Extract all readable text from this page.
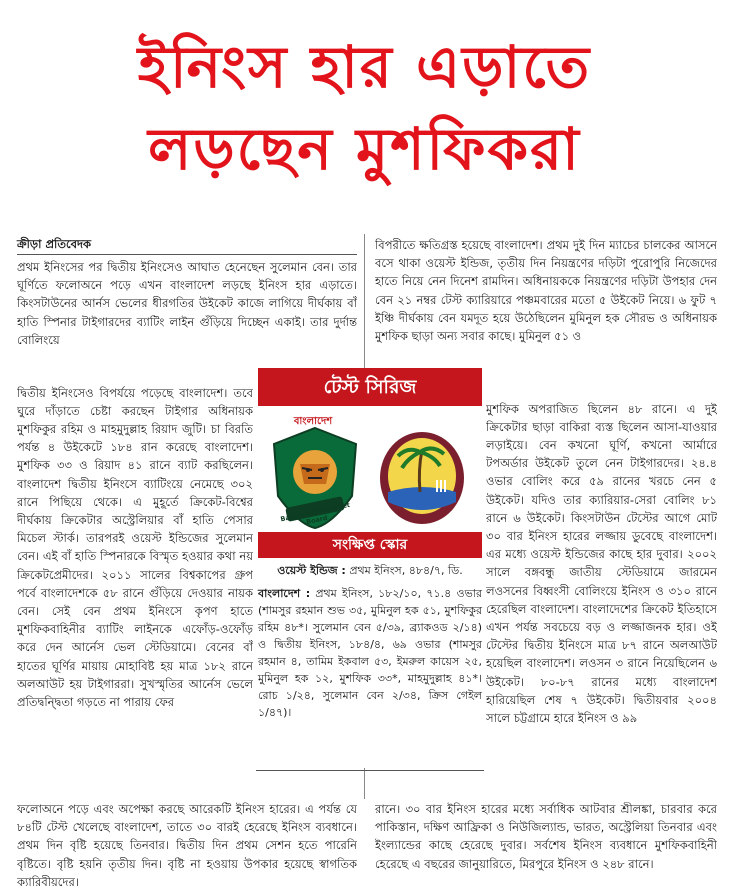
ইনিংস হার এড়াতে
লড়ছেন মুশফিকরা
ক্রীড়া প্রতিবেদক

প্রথম ইনিংসের পর দ্বিতীয় ইনিংসেও আঘাত হেনেছেন সুলেমান বেন। তার ঘূর্ণিতে ফলোঅনে পড়ে এখন বাংলাদেশ লড়ছে ইনিংস হার এড়াতে। কিংসটাউনের আর্নস ভেলের ধীরগতির উইকেট কাজে লাগিয়ে দীর্ঘকায় বাঁ হাতি স্পিনার টাইগারদের ব্যাটিং লাইন গুঁড়িয়ে দিচ্ছেন একাই। তার দুর্দান্ত বোলিংয়ে

দ্বিতীয় ইনিংসেও বিপর্যয়ে পড়েছে বাংলাদেশ। তবে ঘুরে দাঁড়াতে চেষ্টা করছেন টাইগার অধিনায়ক মুশফিকুর রহিম ও মাহমুদুল্লাহ রিয়াদ জুটি। চা বিরতি পর্যন্ত ৪ উইকেটে ১৮৪ রান করেছে বাংলাদেশ। মুশফিক ৩৩ ও রিয়াদ ৪১ রানে ব্যাট করছিলেন। বাংলাদেশ দ্বিতীয় ইনিংসে ব্যাটিংয়ে নেমেছে ৩০২ রানে পিছিয়ে থেকে। এ মুহূর্তে ক্রিকেট-বিশ্বের দীর্ঘকায় ক্রিকেটার অস্ট্রেলিয়ার বাঁ হাতি পেসার মিচেল স্টার্ক। তারপরই ওয়েস্ট ইন্ডিজের সুলেমান বেন। এই বাঁ হাতি স্পিনারকে বিস্মৃত হওয়ার কথা নয় ক্রিকেটপ্রেমীদের। ২০১১ সালের বিশ্বকাপের গ্রুপ পর্বে বাংলাদেশকে ৫৮ রানে গুঁড়িয়ে দেওয়ার নায়ক বেন। সেই বেন প্রথম ইনিংসে কৃপণ হাতে মুশফিকবাহিনীর ব্যাটিং লাইনকে এফোঁড়-ওফোঁড় করে দেন আর্নেস ভেল স্টেডিয়ামে। বেনের বাঁ হাতের ঘূর্ণির মায়ায় মোহাবিষ্ট হয় মাত্র ১৮২ রানে অলআউট হয় টাইগাররা। সুখস্মৃতির আর্নেস ভেলে প্রতিদ্বন্দ্বিতা গড়তে না পারায় ফের

বিপরীতে ক্ষতিগ্রস্ত হয়েছে বাংলাদেশ। প্রথম দুই দিন ম্যাচের চালকের আসনে বসে থাকা ওয়েস্ট ইন্ডিজ, তৃতীয় দিন নিয়ন্ত্রণের দড়িটা পুরোপুরি নিজেদের হাতে নিয়ে নেন দিনেশ রামদিন। অধিনায়ককে নিয়ন্ত্রণের দড়িটা উপহার দেন বেন ২১ নম্বর টেস্ট ক্যারিয়ারে পঞ্চমবারের মতো ৫ উইকেট নিয়ে। ৬ ফুট ৭ ইঞ্চি দীর্ঘকায় বেন যমদূত হয়ে উঠেছিলেন মুমিনুল হক সৌরভ ও অধিনায়ক মুশফিক ছাড়া অন্য সবার কাছে। মুমিনুল ৫১ ও

মুশফিক অপরাজিত ছিলেন ৪৮ রানে। এ দুই ক্রিকেটার ছাড়া বাকিরা ব্যস্ত ছিলেন আসা-যাওয়ার লড়াইয়ে। বেন কখনো ঘূর্ণি, কখনো আর্মারে টপঅর্ডার উইকেট তুলে নেন টাইগারদের। ২৪.৪ ওভার বোলিং করে ৫৯ রানের খরচে নেন ৫ উইকেট। যদিও তার ক্যারিয়ার-সেরা বোলিং ৮১ রানে ৬ উইকেট। কিংসটাউন টেস্টের আগে মোট ৩০ বার ইনিংস হারের লজ্জায় ডুবেছে বাংলাদেশ। এর মধ্যে ওয়েস্ট ইন্ডিজের কাছে হার দুবার। ২০০২ সালে বঙ্গবন্ধু জাতীয় স্টেডিয়ামে জারমেন লওসনের বিধ্বংসী বোলিংয়ে ইনিংস ও ৩১০ রানে হেরেছিল বাংলাদেশ। বাংলাদেশের ক্রিকেট ইতিহাসে এখন পর্যন্ত সবচেয়ে বড় ও লজ্জাজনক হার। ওই টেস্টের দ্বিতীয় ইনিংসে মাত্র ৮৭ রানে অলআউট হয়েছিল বাংলাদেশ। লওসন ৩ রানে নিয়েছিলেন ৬ উইকেট। ৮০-৮৭ রানের মধ্যে বাংলাদেশ হারিয়েছিল শেষ ৭ উইকেট। দ্বিতীয়বার ২০০৪ সালে চট্টগ্রামে হারে ইনিংস ও ৯৯

ফলোঅনে পড়ে এবং অপেক্ষা করছে আরেকটি ইনিংস হারের। এ পর্যন্ত যে ৮৪টি টেস্ট খেলেছে বাংলাদেশ, তাতে ৩০ বারই হেরেছে ইনিংস ব্যবধানে। প্রথম দিন বৃষ্টি হয়েছে তিনবার। দ্বিতীয় দিন প্রথম সেশন হতে পারেনি বৃষ্টিতে। বৃষ্টি হয়নি তৃতীয় দিন। বৃষ্টি না হওয়ায় উপকার হয়েছে স্বাগতিক ক্যারিবীয়দের।

রানে। ৩০ বার ইনিংস হারের মধ্যে সর্বাধিক আটবার শ্রীলঙ্কা, চারবার করে পাকিস্তান, দক্ষিণ আফ্রিকা ও নিউজিল্যান্ড, ভারত, অস্ট্রেলিয়া তিনবার এবং ইংল্যান্ডের কাছে হেরেছে দুবার। সর্বশেষ ইনিংস ব্যবধানে মুশফিকবাহিনী হেরেছে এ বছরের জানুয়ারিতে, মিরপুরে ইনিংস ও ২৪৮ রানে।

টেস্ট সিরিজ
বাংলাদেশ
Bangladesh Cricket Board
সংক্ষিপ্ত স্কোর
ওয়েস্ট ইন্ডিজ : প্রথম ইনিংস, ৪৮৪/৭, ডি.
বাংলাদেশ : প্রথম ইনিংস, ১৮২/১০, ৭১.৪ ওভার (শামসুর রহমান শুভ ৩৫, মুমিনুল হক ৫১, মুশফিকুর রহিম ৪৮*। সুলেমান বেন ৫/৩৯, ব্র্যাকওড ২/১৪) ও দ্বিতীয় ইনিংস, ১৮৪/৪, ৬৯ ওভার (শামসুর রহমান ৪, তামিম ইকবাল ৫৩, ইমরুল কায়েস ২৫, মুমিনুল হক ১২, মুশফিক ৩৩*, মাহমুদুল্লাহ ৪১*। রোচ ১/২৪, সুলেমান বেন ২/৩৪, ক্রিস গেইল ১/৪৭)।
